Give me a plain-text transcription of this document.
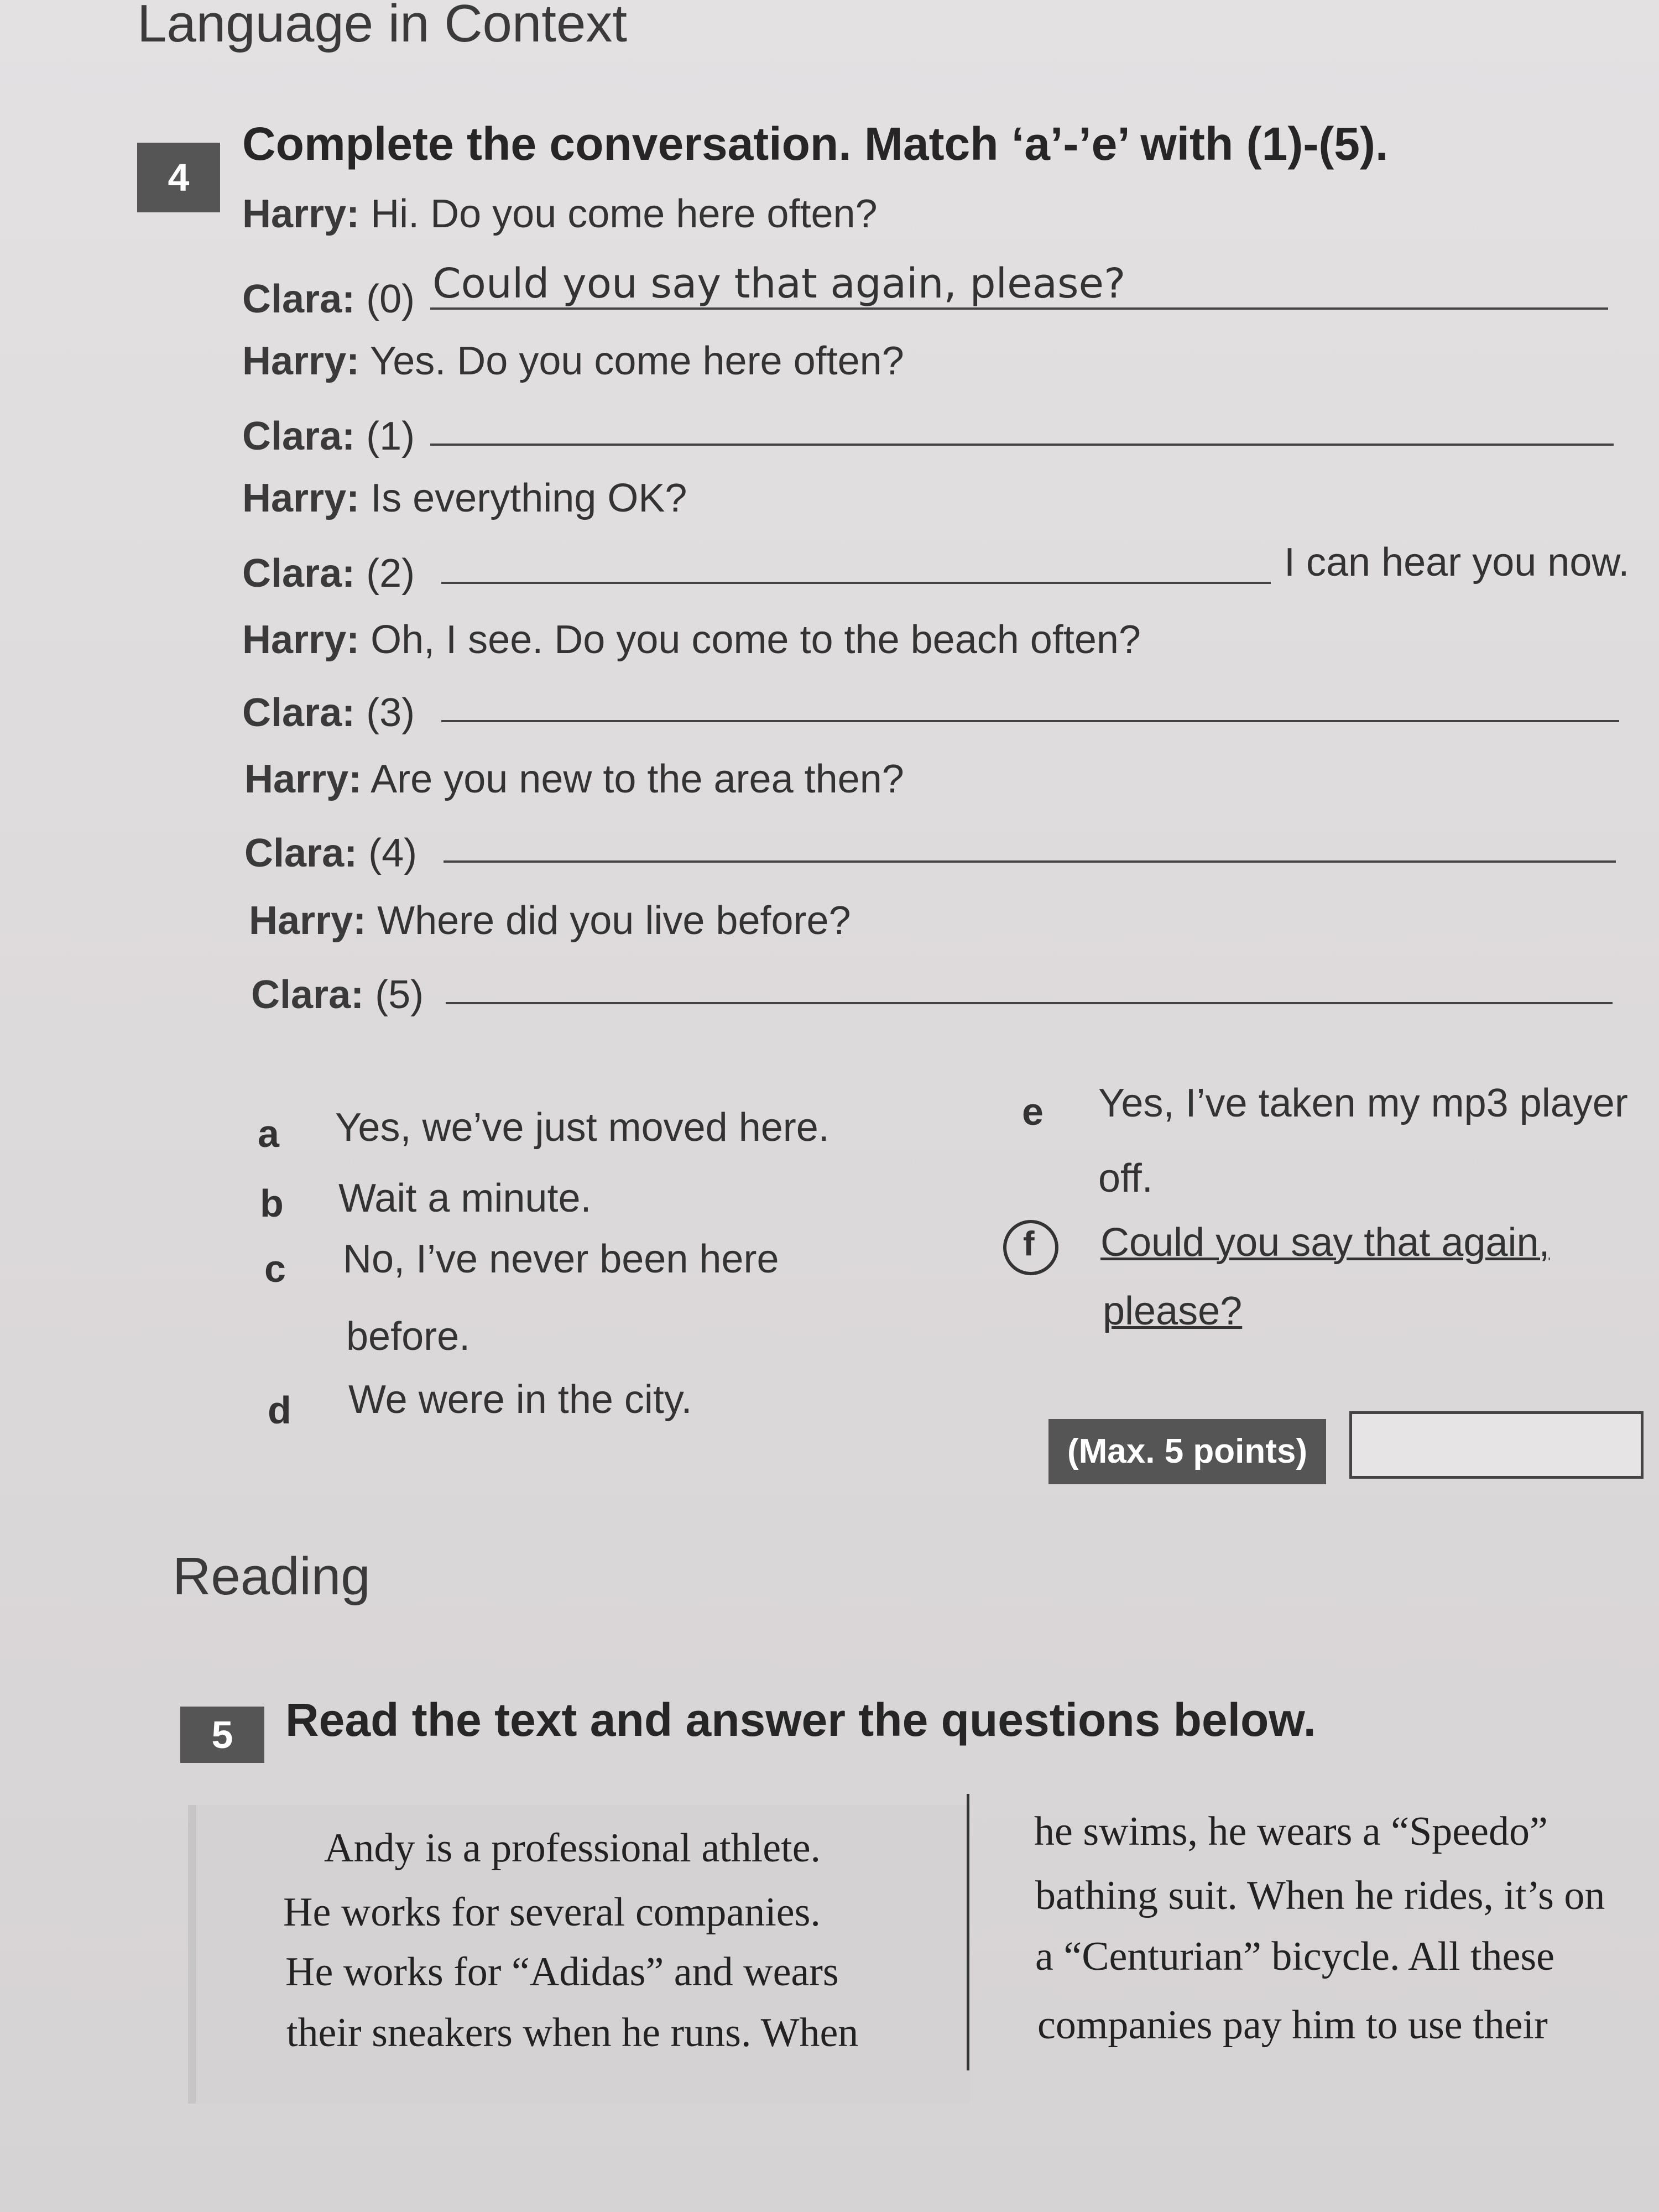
Language in Context
4
Complete the conversation. Match ‘a’-’e’ with (1)-(5).
Harry: Hi. Do you come here often?
Clara: (0) Could you say that again, please?
Harry: Yes. Do you come here often?
Clara: (1)
Harry: Is everything OK?
Clara: (2)	I can hear you now.
Harry: Oh, I see. Do you come to the beach often?
Clara: (3)
Harry: Are you new to the area then?
Clara: (4)
Harry: Where did you live before?
Clara: (5)
a Yes, we’ve just moved here.
b Wait a minute.
c No, I’ve never been here
before.
d We were in the city.
e Yes, I’ve taken my mp3 player
off.
f Could you say that again,
please?
(Max. 5 points)
Reading
5	Read the text and answer the questions below.
Andy is a professional athlete.
He works for several companies.
He works for “Adidas” and wears
their sneakers when he runs. When
he swims, he wears a “Speedo”
bathing suit. When he rides, it’s on
a “Centurian” bicycle. All these
companies pay him to use their
